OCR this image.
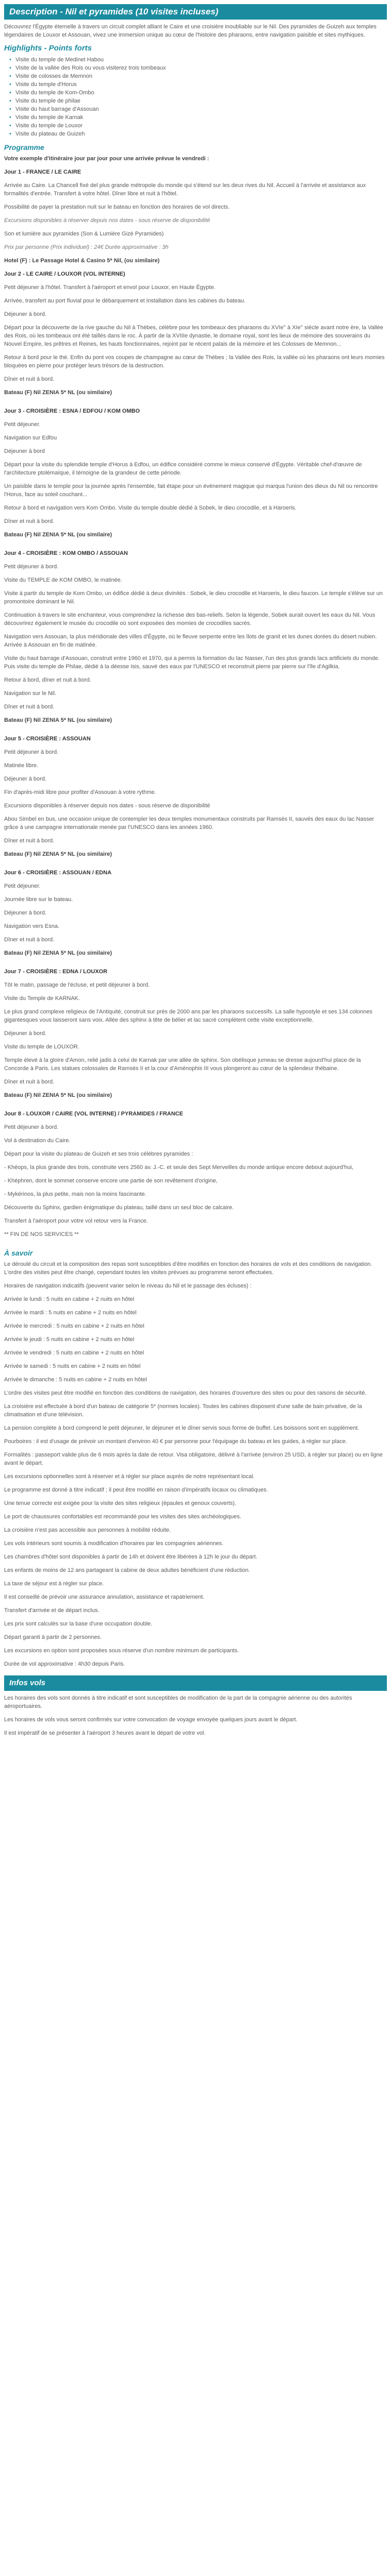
Description - Nil et pyramides (10 visites incluses)

Découvrez l'Égypte éternelle à travers un circuit complet alliant le Caire et une croisière inoubliable sur le Nil. Des pyramides de Guizeh aux temples légendaires de Louxor et Assouan, vivez une immersion unique au cœur de l'histoire des pharaons, entre navigation paisible et sites mythiques.

Highlights - Points forts
• Visite du temple de Medinet Habou
• Visite de la vallée des Rois ou vous visiterez trois tombeaux
• Visite de colosses de Memnon
• Visite du temple d'Horus
• Visite du temple de Kom-Ombo
• Visite du temple de philae
• Visite du haut barrage d'Assouan
• Visite du temple de Karnak
• Visite du temple de Louxor
• Visite du plateau de Guizeh
Programme

Votre exemple d'itinéraire jour par jour pour une arrivée prévue le vendredi :

Jour 1 - FRANCE / LE CAIRE

Arrivée au Caire. La Chancell fixé del plus grande métropole du monde qui s'étend sur les deux rives du Nil. Accueil à l'arrivée et assistance aux formalités d'entrée. Transfert à votre hôtel. Dîner libre et nuit à l'hôtel.

Possibilité de payer la prestation nuit sur le bateau en fonction des horaires de vol directs.

Excursions disponibles à réserver depuis nos dates - sous réserve de disponibilité

Son et lumière aux pyramides (Son & Lumière Gizé Pyramides)

Prix par personne (Prix individuel) : 24€ Durée approximative : 3h

Hotel (F) : Le Passage Hotel & Casino 5* Nil, (ou similaire)

Jour 2 - LE CAIRE / LOUXOR (VOL INTERNE)

Petit déjeuner à l'hôtel. Transfert à l'aéroport et envol pour Louxor, en Haute Égypte.

Arrivée, transfert au port fluvial pour le débarquement et installation dans les cabines du bateau.

Déjeuner à bord.

Départ pour la découverte de la rive gauche du Nil à Thèbes, célèbre pour les tombeaux des pharaons du XVIe° à XIe° siècle avant notre ère, la Vallée des Rois, où les tombeaux ont été taillés dans le roc. À partir de la XVIIIe dynastie, le domaine royal, sont les lieux de mémoire des souverains du Nouvel Empire, les prêtres et Reines, les hauts fonctionnaires, rejoint par le récent palais de la mémoire et les Colosses de Memnon...

Retour à bord pour le thé. Enfin du pont vos coupes de champagne au cœur de Thèbes ; la Vallée des Rois, la vallée où les pharaons ont leurs momies bloquées en pierre pour protéger leurs trésors de la destruction.

Dîner et nuit à bord.

Bateau (F) Nil ZENIA 5* NL (ou similaire)

Jour 3 - CROISIÈRE : ESNA / EDFOU / KOM OMBO

Petit déjeuner.

Navigation sur Edfou

Déjeuner à bord

Départ pour la visite du splendide temple d'Horus à Edfou, un édifice considéré comme le mieux conservé d'Égypte. Véritable chef-d'œuvre de l'architecture ptolémaïque, il témoigne de la grandeur de cette période.

Un paisible dans le temple pour la journée après l'ensemble, fait étape pour un événement magique qui marqua l'union des dieux du Nil ou rencontre l'Horus, face au soleil couchant...

Retour à bord et navigation vers Kom Ombo. Visite du temple double dédié à Sobek, le dieu crocodile, et à Haroeris.

Dîner et nuit à bord.

Bateau (F) Nil ZENIA 5* NL (ou similaire)

Jour 4 - CROISIÈRE : KOM OMBO / ASSOUAN

Petit déjeuner à bord.

Visite du TEMPLE de KOM OMBO, le matinée.

Visite à partir du temple de Kom Ombo, un édifice dédié à deux divinités : Sobek, le dieu crocodile et Haroeris, le dieu faucon. Le temple s'élève sur un promontoire dominant le Nil.

Continuation à travers le site enchanteur, vous comprendrez la richesse des bas-reliefs. Selon la légende, Sobek aurait ouvert les eaux du Nil. Vous découvrirez également le musée du crocodile où sont exposées des momies de crocodiles sacrés.

Navigation vers Assouan, la plus méridionale des villes d'Égypte, où le fleuve serpente entre les îlots de granit et les dunes dorées du désert nubien. Arrivée à Assouan en fin de matinée.

Visite du haut barrage d'Assouan, construit entre 1960 et 1970, qui a permis la formation du lac Nasser, l'un des plus grands lacs artificiels du monde. Puis visite du temple de Philae, dédié à la déesse Isis, sauvé des eaux par l'UNESCO et reconstruit pierre par pierre sur l'île d'Agilkia.

Retour à bord, dîner et nuit à bord.

Navigation sur le Nil.

Dîner et nuit à bord.

Bateau (F) Nil ZENIA 5* NL (ou similaire)

Jour 5 - CROISIÈRE : ASSOUAN

Petit déjeuner à bord.

Matinée libre.

Déjeuner à bord.

Fin d'après-midi libre pour profiter d'Assouan à votre rythme.

Excursions disponibles à réserver depuis nos dates - sous réserve de disponibilité

Abou Simbel en bus, une occasion unique de contempler les deux temples monumentaux construits par Ramsès II, sauvés des eaux du lac Nasser grâce à une campagne internationale menée par l'UNESCO dans les années 1960.

Dîner et nuit à bord.

Bateau (F) Nil ZENIA 5* NL (ou similaire)

Jour 6 - CROISIÈRE : ASSOUAN / EDNA

Petit déjeuner.

Journée libre sur le bateau.

Déjeuner à bord.

Navigation vers Esna.

Dîner et nuit à bord.

Bateau (F) Nil ZENIA 5* NL (ou similaire)

Jour 7 - CROISIÈRE : EDNA / LOUXOR

Tôt le matin, passage de l'écluse, et petit déjeuner à bord.

Visite du Temple de KARNAK.

Le plus grand complexe religieux de l'Antiquité, construit sur près de 2000 ans par les pharaons successifs. La salle hypostyle et ses 134 colonnes gigantesques vous laisseront sans voix. Allée des sphinx à tête de bélier et lac sacré complètent cette visite exceptionnelle.

Déjeuner à bord.

Visite du temple de LOUXOR.

Temple élevé à la gloire d'Amon, relié jadis à celui de Karnak par une allée de sphinx. Son obélisque jumeau se dresse aujourd'hui place de la Concorde à Paris. Les statues colossales de Ramsès II et la cour d'Aménophis III vous plongeront au cœur de la splendeur thébaine.

Dîner et nuit à bord.

Bateau (F) Nil ZENIA 5* NL (ou similaire)

Jour 8 - LOUXOR / CAIRE (VOL INTERNE) / PYRAMIDES / FRANCE

Petit déjeuner à bord.

Vol à destination du Caire.

Départ pour la visite du plateau de Guizeh et ses trois célèbres pyramides :

- Khéops, la plus grande des trois, construite vers 2560 av. J.-C. et seule des Sept Merveilles du monde antique encore debout aujourd'hui,

- Khéphren, dont le sommet conserve encore une partie de son revêtement d'origine,

- Mykérinos, la plus petite, mais non la moins fascinante.

Découverte du Sphinx, gardien énigmatique du plateau, taillé dans un seul bloc de calcaire.

Transfert à l'aéroport pour votre vol retour vers la France.

** FIN DE NOS SERVICES **

À savoir

Le déroulé du circuit et la composition des repas sont susceptibles d'être modifiés en fonction des horaires de vols et des conditions de navigation. L'ordre des visites peut être changé, cependant toutes les visites prévues au programme seront effectuées.

Horaires de navigation indicatifs (peuvent varier selon le niveau du Nil et le passage des écluses) :

Arrivée le lundi : 5 nuits en cabine + 2 nuits en hôtel

Arrivée le mardi : 5 nuits en cabine + 2 nuits en hôtel

Arrivée le mercredi : 5 nuits en cabine + 2 nuits en hôtel

Arrivée le jeudi : 5 nuits en cabine + 2 nuits en hôtel

Arrivée le vendredi : 5 nuits en cabine + 2 nuits en hôtel

Arrivée le samedi : 5 nuits en cabine + 2 nuits en hôtel

Arrivée le dimanche : 5 nuits en cabine + 2 nuits en hôtel

L'ordre des visites peut être modifié en fonction des conditions de navigation, des horaires d'ouverture des sites ou pour des raisons de sécurité.

La croisière est effectuée à bord d'un bateau de catégorie 5* (normes locales). Toutes les cabines disposent d'une salle de bain privative, de la climatisation et d'une télévision.

La pension complète à bord comprend le petit déjeuner, le déjeuner et le dîner servis sous forme de buffet. Les boissons sont en supplément.

Pourboires : il est d'usage de prévoir un montant d'environ 40 € par personne pour l'équipage du bateau et les guides, à régler sur place.

Formalités : passeport valide plus de 6 mois après la date de retour. Visa obligatoire, délivré à l'arrivée (environ 25 USD, à régler sur place) ou en ligne avant le départ.

Les excursions optionnelles sont à réserver et à régler sur place auprès de notre représentant local.

Le programme est donné à titre indicatif ; il peut être modifié en raison d'impératifs locaux ou climatiques.

Une tenue correcte est exigée pour la visite des sites religieux (épaules et genoux couverts).

Le port de chaussures confortables est recommandé pour les visites des sites archéologiques.

La croisière n'est pas accessible aux personnes à mobilité réduite.

Les vols intérieurs sont soumis à modification d'horaires par les compagnies aériennes.

Les chambres d'hôtel sont disponibles à partir de 14h et doivent être libérées à 12h le jour du départ.

Les enfants de moins de 12 ans partageant la cabine de deux adultes bénéficient d'une réduction.

La taxe de séjour est à régler sur place.

Il est conseillé de prévoir une assurance annulation, assistance et rapatriement.

Transfert d'arrivée et de départ inclus.

Les prix sont calculés sur la base d'une occupation double.

Départ garanti à partir de 2 personnes.

Les excursions en option sont proposées sous réserve d'un nombre minimum de participants.

Durée de vol approximative : 4h30 depuis Paris.

Infos vols

Les horaires des vols sont donnés à titre indicatif et sont susceptibles de modification de la part de la compagnie aérienne ou des autorités aéroportuaires.

Les horaires de vols vous seront confirmés sur votre convocation de voyage envoyée quelques jours avant le départ.

Il est impératif de se présenter à l'aéroport 3 heures avant le départ de votre vol.
